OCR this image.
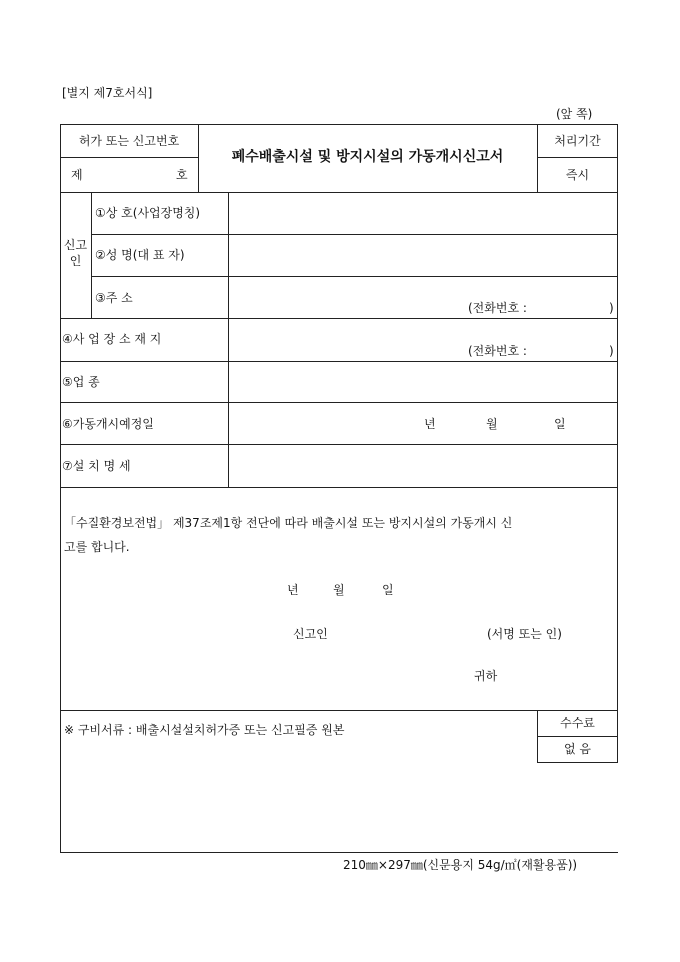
[별지 제7호서식]
(앞 쪽)
허가 또는 신고번호
제	호
폐수배출시설 및 방지시설의 가동개시신고서
처리기간
즉시
신고
인
①상 호(사업장명칭)
②성 명(대 표 자)
③주 소
(전화번호 :	)
④사 업 장 소 재 지
(전화번호 :	)
⑤업 종
⑥가동개시예정일	년	월	일
⑦설 치 명 세
「수질환경보전법」 제37조제1항 전단에 따라 배출시설 또는 방지시설의 가동개시 신
고를 합니다.
년	월	일
신고인	(서명 또는 인)
귀하
※ 구비서류 : 배출시설설치허가증 또는 신고필증 원본	수수료
없 음
210㎜×297㎜(신문용지 54g/㎡(재활용품))
